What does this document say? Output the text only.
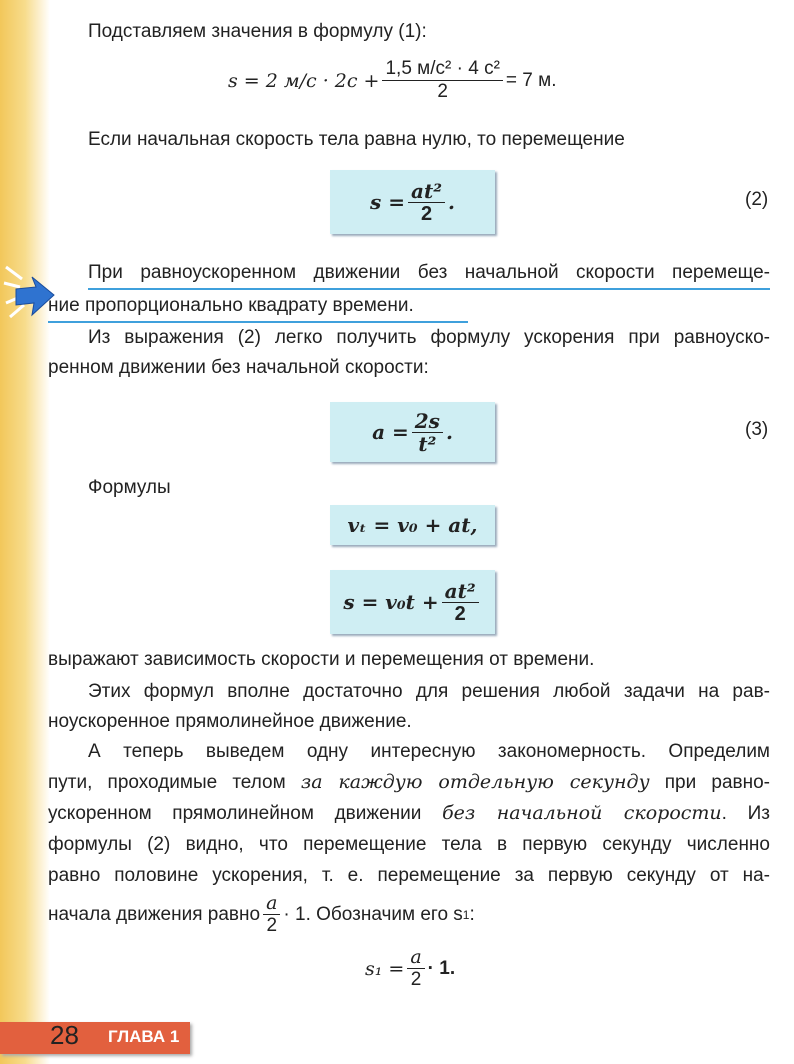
Подставляем значения в формулу (1):
s = 2 $м/с \cdot 2с + \frac{\text{1,5 м/с² · 4 с²}}{2} = 7$ м.
Если начальная скорость тела равна нулю, то перемещение
$s = \frac{\text{at²}}{2}$ .	(2)
При равноускоренном движении без начальной скорости перемеще-
ние пропорционально квадрату времени.
Из выражения (2) легко получить формулу ускорения при равноуско-
ренном движении без начальной скорости:
$a = \frac{2s}{\text{t²}}$ .	(3)
Формулы
vₜ = v₀ + at,
$s = v_0t + \frac{\text{at²}}{2}$
выражают зависимость скорости и перемещения от времени.
Этих формул вполне достаточно для решения любой задачи на рав-
ноускоренное прямолинейное движение.
А теперь выведем одну интересную закономерность. Определим
пути, проходимые телом за каждую отдельную секунду при равно-
ускоренном прямолинейном движении без начальной скорости. Из
формулы (2) видно, что перемещение тела в первую секунду численно
равно половине ускорения, т. е. перемещение за первую секунду от на-
начала движения равно $\frac{a}{2} \cdot 1$. Обозначим его s 1 :
$s_1 = \frac{a}{2} \cdot 1$.
28 ГЛАВА 1
